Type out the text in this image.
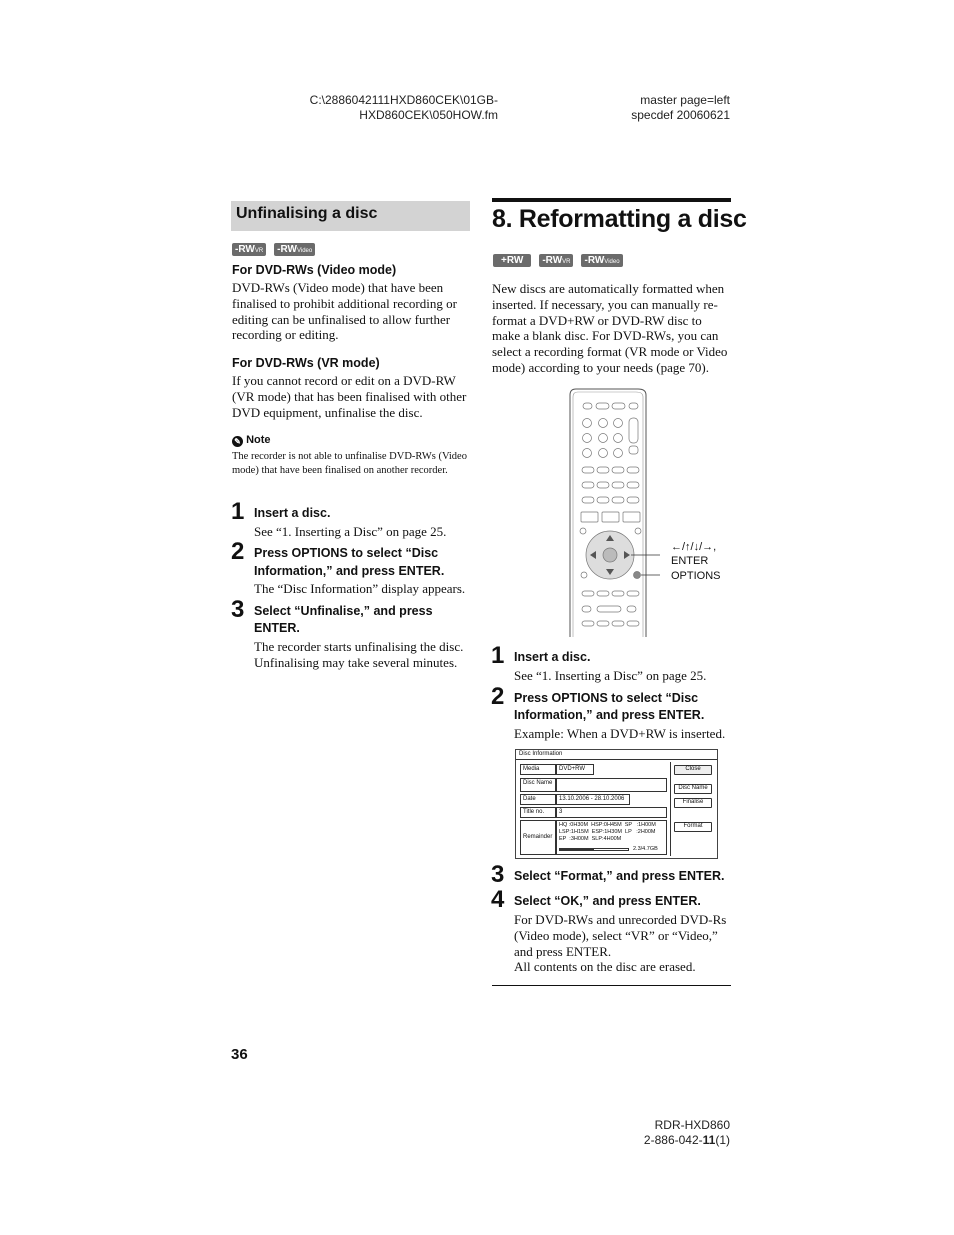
C:\2886042111HXD860CEK\01GB-
HXD860CEK\050HOW.fm
master page=left
specdef 20060621
Unfinalising a disc
-RWVR -RWVideo
For DVD-RWs (Video mode)
DVD-RWs (Video mode) that have been finalised to prohibit additional recording or editing can be unfinalised to allow further recording or editing.
For DVD-RWs (VR mode)
If you cannot record or edit on a DVD-RW (VR mode) that has been finalised with other DVD equipment, unfinalise the disc.
✎ Note
The recorder is not able to unfinalise DVD-RWs (Video mode) that have been finalised on another recorder.
1 Insert a disc.
See “1. Inserting a Disc” on page 25.
2 Press OPTIONS to select “Disc
Information,” and press ENTER.
The “Disc Information” display appears.
3 Select “Unfinalise,” and press
ENTER.
The recorder starts unfinalising the disc.
Unfinalising may take several minutes.
8. Reformatting a disc
+RW -RWVR -RWVideo
New discs are automatically formatted when inserted. If necessary, you can manually re-format a DVD+RW or DVD-RW disc to make a blank disc. For DVD-RWs, you can select a recording format (VR mode or Video mode) according to your needs (page 70).
←/↑/↓/→,
ENTER
OPTIONS
1 Insert a disc.
See “1. Inserting a Disc” on page 25.
2 Press OPTIONS to select “Disc
Information,” and press ENTER.
Example: When a DVD+RW is inserted.
Disc Information
Media	DVD+RW
Disc Name
Date	13.10.2006 - 28.10.2006
Title no.	3
Remainder
HQ :0H30M  HSP:0H45M  SP   :1H00M
LSP:1H15M  ESP:1H30M  LP   :2H00M
EP  :3H00M  SLP:4H00M
2.3/4.7GB
Close
Disc Name
Finalise
Format
3 Select “Format,” and press ENTER.
4 Select “OK,” and press ENTER.
For DVD-RWs and unrecorded DVD-Rs
(Video mode), select “VR” or “Video,”
and press ENTER.
All contents on the disc are erased.
36
RDR-HXD860
2-886-042-11(1)
